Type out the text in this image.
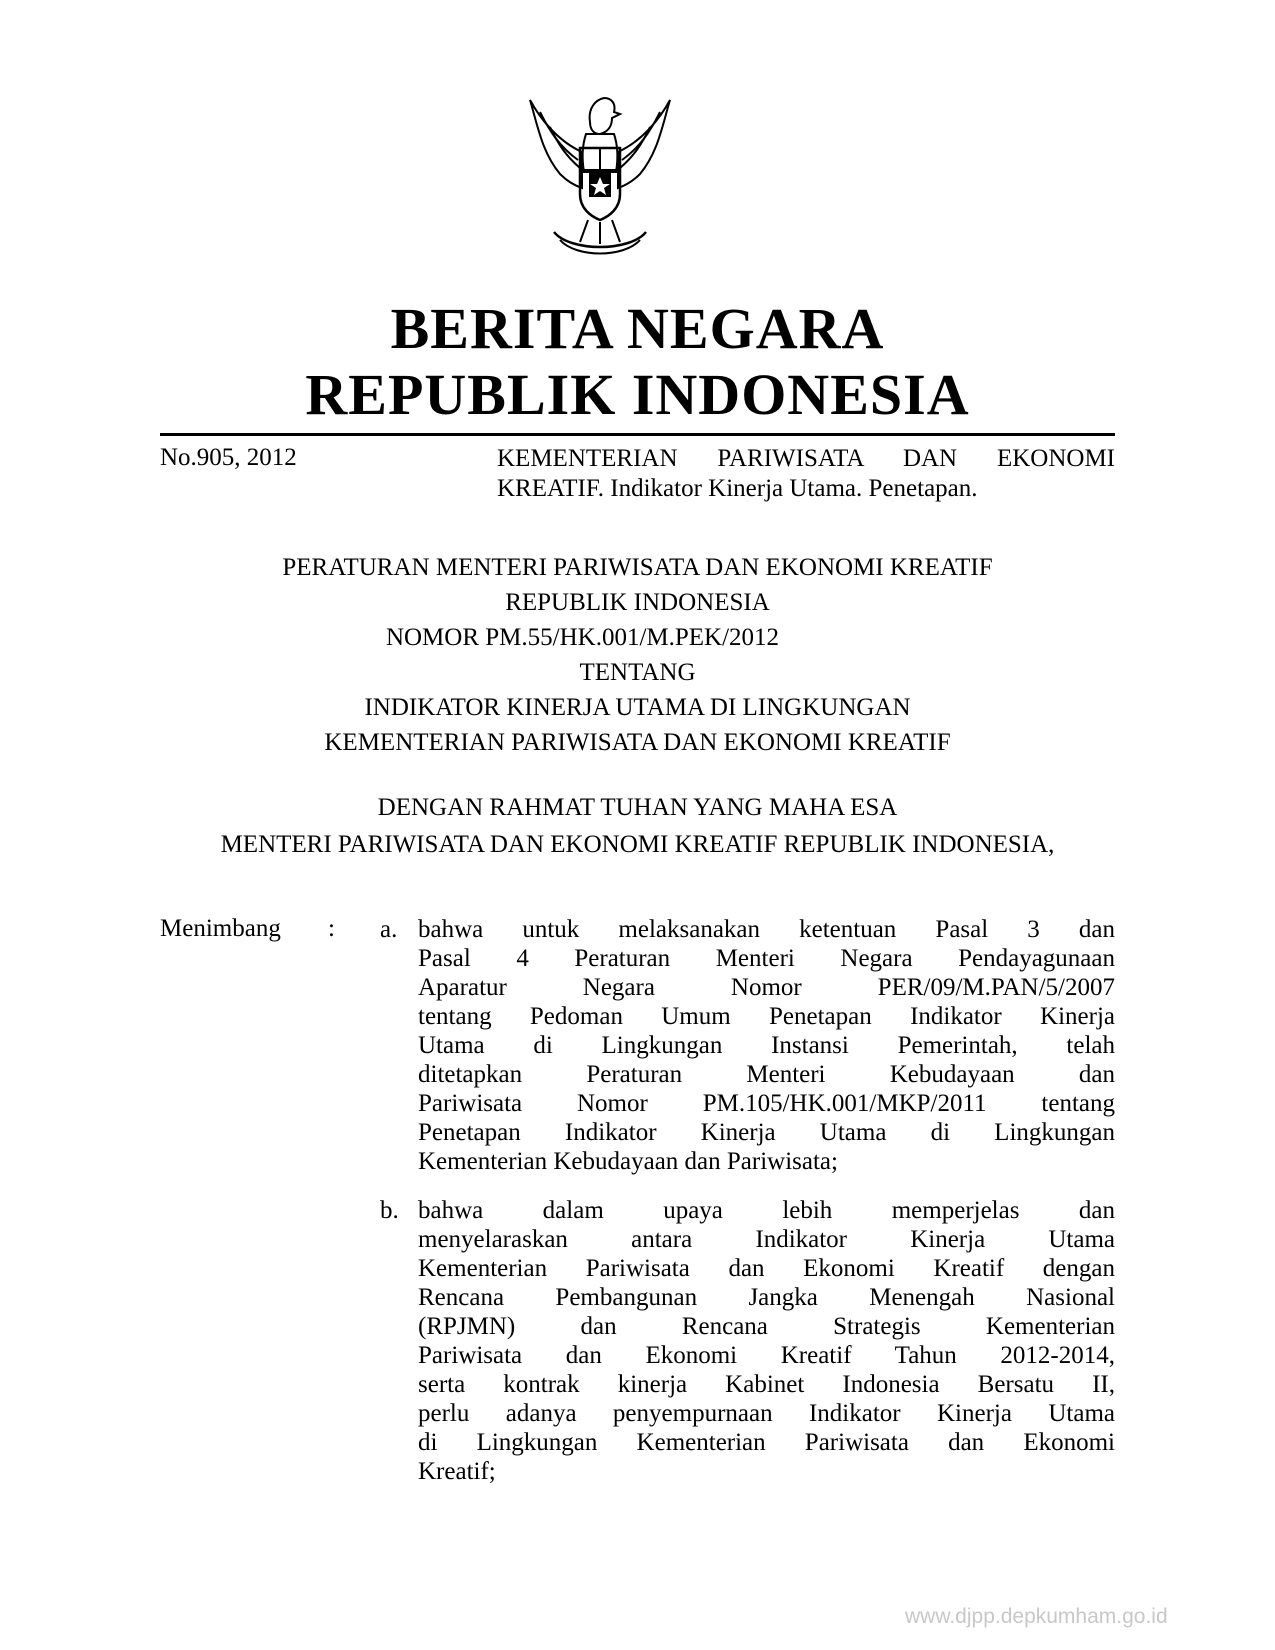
BERITA NEGARA
REPUBLIK INDONESIA
No.905, 2012	KEMENTERIAN PARIWISATA DAN EKONOMI
KREATIF. Indikator Kinerja Utama. Penetapan.
PERATURAN MENTERI PARIWISATA DAN EKONOMI KREATIF
REPUBLIK INDONESIA
NOMOR PM.55/HK.001/M.PEK/2012
TENTANG
INDIKATOR KINERJA UTAMA DI LINGKUNGAN
KEMENTERIAN PARIWISATA DAN EKONOMI KREATIF
DENGAN RAHMAT TUHAN YANG MAHA ESA
MENTERI PARIWISATA DAN EKONOMI KREATIF REPUBLIK INDONESIA,
Menimbang : a. bahwa untuk melaksanakan ketentuan Pasal 3 dan
Pasal 4 Peraturan Menteri Negara Pendayagunaan
Aparatur Negara Nomor PER/09/M.PAN/5/2007
tentang Pedoman Umum Penetapan Indikator Kinerja
Utama di Lingkungan Instansi Pemerintah, telah
ditetapkan Peraturan Menteri Kebudayaan dan
Pariwisata Nomor PM.105/HK.001/MKP/2011 tentang
Penetapan Indikator Kinerja Utama di Lingkungan
Kementerian Kebudayaan dan Pariwisata;
b. bahwa dalam upaya lebih memperjelas dan
menyelaraskan antara Indikator Kinerja Utama
Kementerian Pariwisata dan Ekonomi Kreatif dengan
Rencana Pembangunan Jangka Menengah Nasional
(RPJMN) dan Rencana Strategis Kementerian
Pariwisata dan Ekonomi Kreatif Tahun 2012-2014,
serta kontrak kinerja Kabinet Indonesia Bersatu II,
perlu adanya penyempurnaan Indikator Kinerja Utama
di Lingkungan Kementerian Pariwisata dan Ekonomi
Kreatif;
www.djpp.depkumham.go.id
